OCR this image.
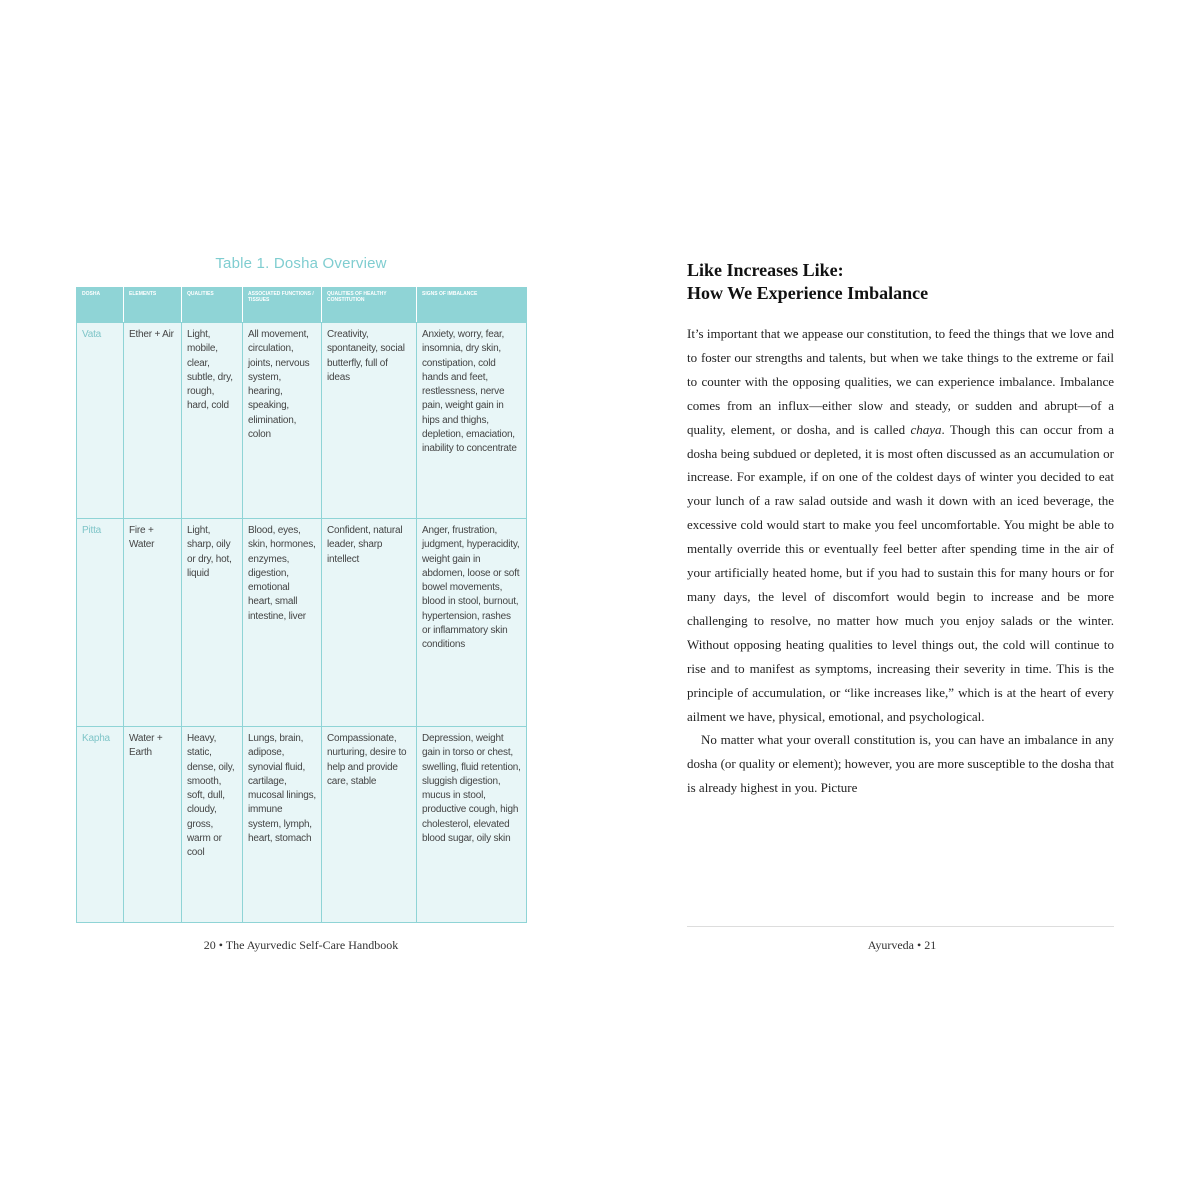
Table 1. Dosha Overview
DOSHA	ELEMENTS	QUALITIES	ASSOCIATED FUNCTIONS / TISSUES	QUALITIES OF HEALTHY CONSTITUTION	SIGNS OF IMBALANCE
Vata	Ether + Air	Light, mobile, clear, subtle, dry, rough, hard, cold	All movement, circulation, joints, nervous system, hearing, speaking, elimination, colon	Creativity, spontaneity, social butterfly, full of ideas	Anxiety, worry, fear, insomnia, dry skin, constipation, cold hands and feet, restlessness, nerve pain, weight gain in hips and thighs, depletion, emaciation, inability to concentrate
Pitta	Fire + Water	Light, sharp, oily or dry, hot, liquid	Blood, eyes, skin, hormones, enzymes, digestion, emotional heart, small intestine, liver	Confident, natural leader, sharp intellect	Anger, frustration, judgment, hyperacidity, weight gain in abdomen, loose or soft bowel movements, blood in stool, burnout, hypertension, rashes or inflammatory skin conditions
Kapha	Water + Earth	Heavy, static, dense, oily, smooth, soft, dull, cloudy, gross, warm or cool	Lungs, brain, adipose, synovial fluid, cartilage, mucosal linings, immune system, lymph, heart, stomach	Compassionate, nurturing, desire to help and provide care, stable	Depression, weight gain in torso or chest, swelling, fluid retention, sluggish digestion, mucus in stool, productive cough, high cholesterol, elevated blood sugar, oily skin
20 • The Ayurvedic Self-Care Handbook
Like Increases Like:
How We Experience Imbalance

It’s important that we appease our constitution, to feed the things that we love and to foster our strengths and talents, but when we take things to the extreme or fail to counter with the opposing qualities, we can experience imbalance. Imbalance comes from an influx—either slow and steady, or sudden and abrupt—of a quality, element, or dosha, and is called chaya. Though this can occur from a dosha being subdued or depleted, it is most often discussed as an accumulation or increase. For example, if on one of the coldest days of winter you decided to eat your lunch of a raw salad outside and wash it down with an iced beverage, the excessive cold would start to make you feel uncomfortable. You might be able to mentally override this or eventually feel better after spending time in the air of your artificially heated home, but if you had to sustain this for many hours or for many days, the level of discomfort would begin to increase and be more challenging to resolve, no matter how much you enjoy salads or the winter. Without opposing heating qualities to level things out, the cold will continue to rise and to manifest as symptoms, increasing their severity in time. This is the principle of accumulation, or “like increases like,” which is at the heart of every ailment we have, physical, emotional, and psychological.

No matter what your overall constitution is, you can have an imbalance in any dosha (or quality or element); however, you are more susceptible to the dosha that is already highest in you. Picture

Ayurveda • 21
